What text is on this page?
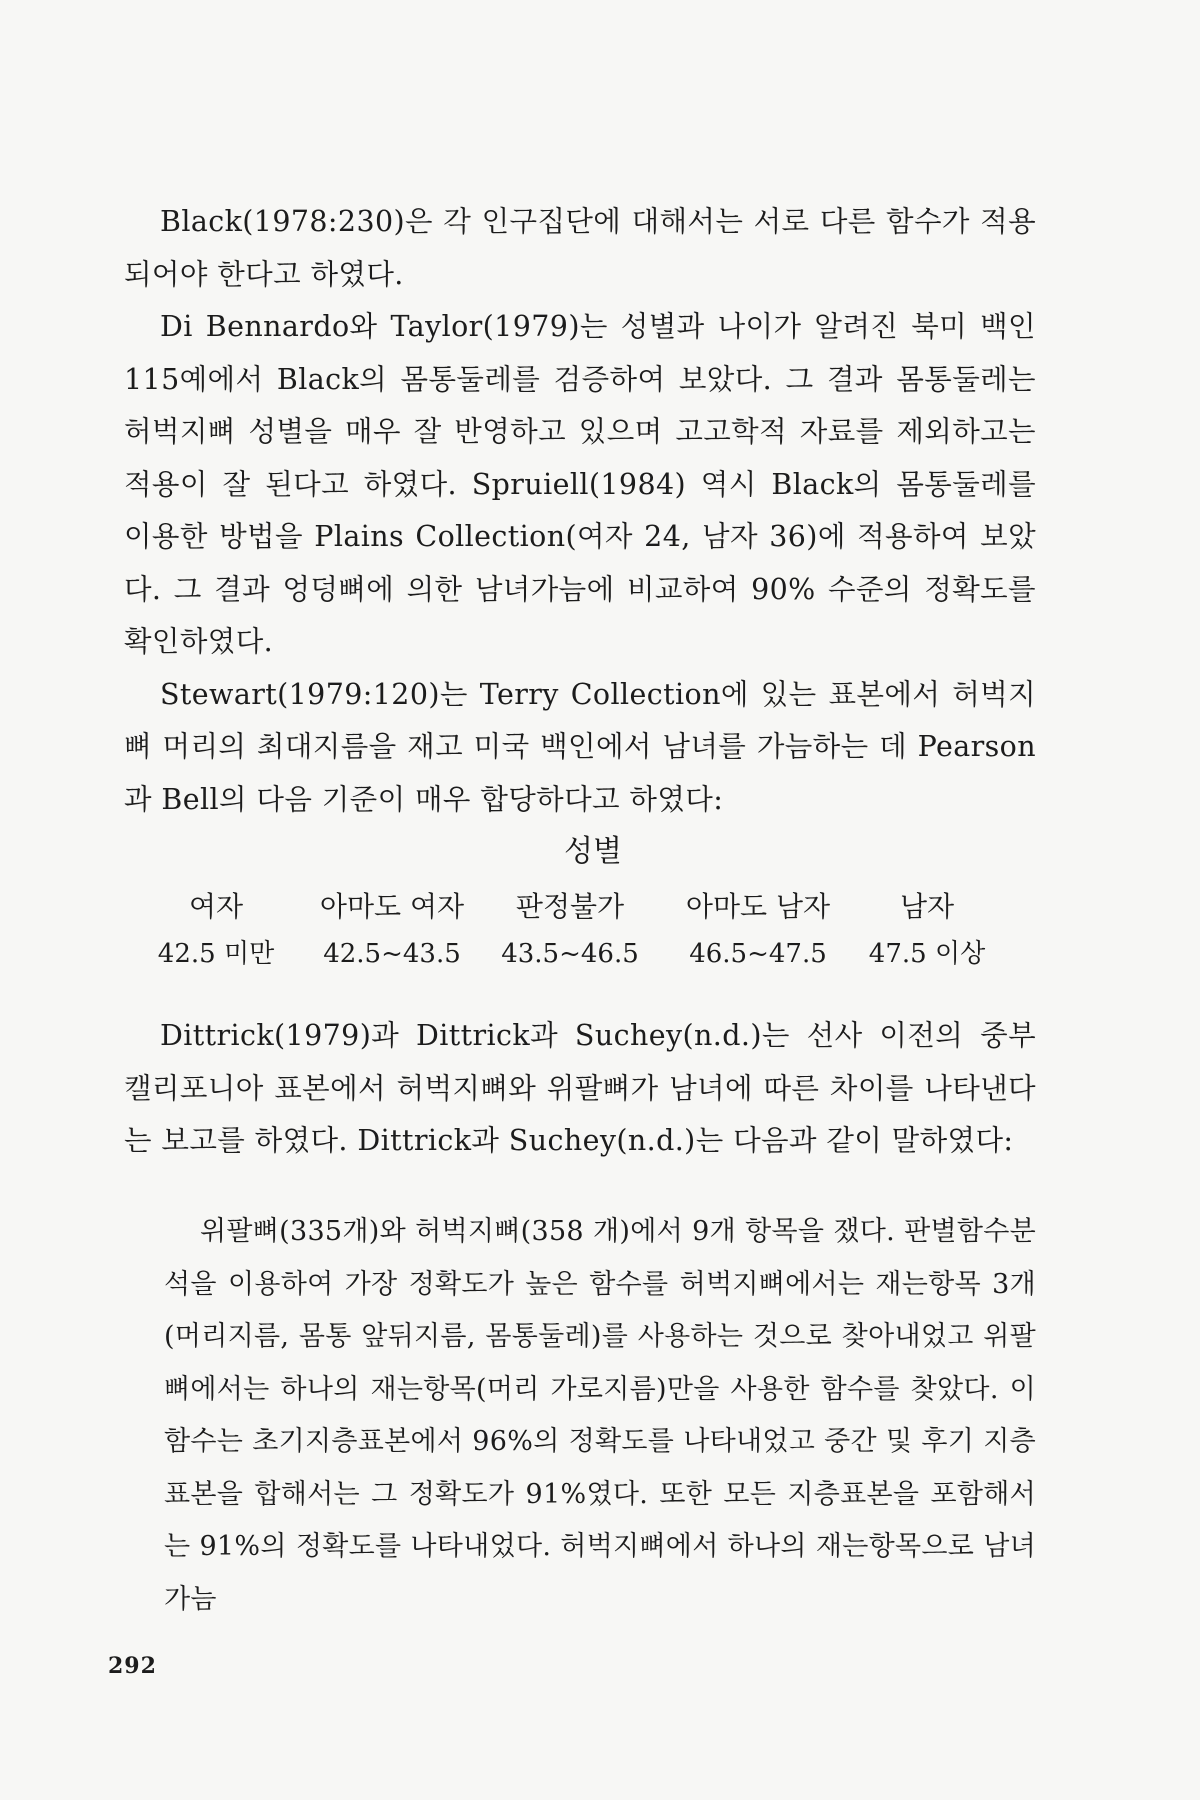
Black(1978:230)은 각 인구집단에 대해서는 서로 다른 함수가 적용되어야 한다고 하였다.

Di Bennardo와 Taylor(1979)는 성별과 나이가 알려진 북미 백인 115예에서 Black의 몸통둘레를 검증하여 보았다. 그 결과 몸통둘레는 허벅지뼈 성별을 매우 잘 반영하고 있으며 고고학적 자료를 제외하고는 적용이 잘 된다고 하였다. Spruiell(1984) 역시 Black의 몸통둘레를 이용한 방법을 Plains Collection(여자 24, 남자 36)에 적용하여 보았다. 그 결과 엉덩뼈에 의한 남녀가늠에 비교하여 90% 수준의 정확도를 확인하였다.

Stewart(1979:120)는 Terry Collection에 있는 표본에서 허벅지뼈 머리의 최대지름을 재고 미국 백인에서 남녀를 가늠하는 데 Pearson과 Bell의 다음 기준이 매우 합당하다고 하였다:

성별
여자	아마도 여자	판정불가	아마도 남자	남자
42.5 미만	42.5~43.5	43.5~46.5	46.5~47.5	47.5 이상

Dittrick(1979)과 Dittrick과 Suchey(n.d.)는 선사 이전의 중부 캘리포니아 표본에서 허벅지뼈와 위팔뼈가 남녀에 따른 차이를 나타낸다는 보고를 하였다. Dittrick과 Suchey(n.d.)는 다음과 같이 말하였다:

위팔뼈(335개)와 허벅지뼈(358 개)에서 9개 항목을 쟀다. 판별함수분석을 이용하여 가장 정확도가 높은 함수를 허벅지뼈에서는 재는항목 3개(머리지름, 몸통 앞뒤지름, 몸통둘레)를 사용하는 것으로 찾아내었고 위팔뼈에서는 하나의 재는항목(머리 가로지름)만을 사용한 함수를 찾았다. 이 함수는 초기지층표본에서 96%의 정확도를 나타내었고 중간 및 후기 지층표본을 합해서는 그 정확도가 91%였다. 또한 모든 지층표본을 포함해서는 91%의 정확도를 나타내었다. 허벅지뼈에서 하나의 재는항목으로 남녀가늠

292
